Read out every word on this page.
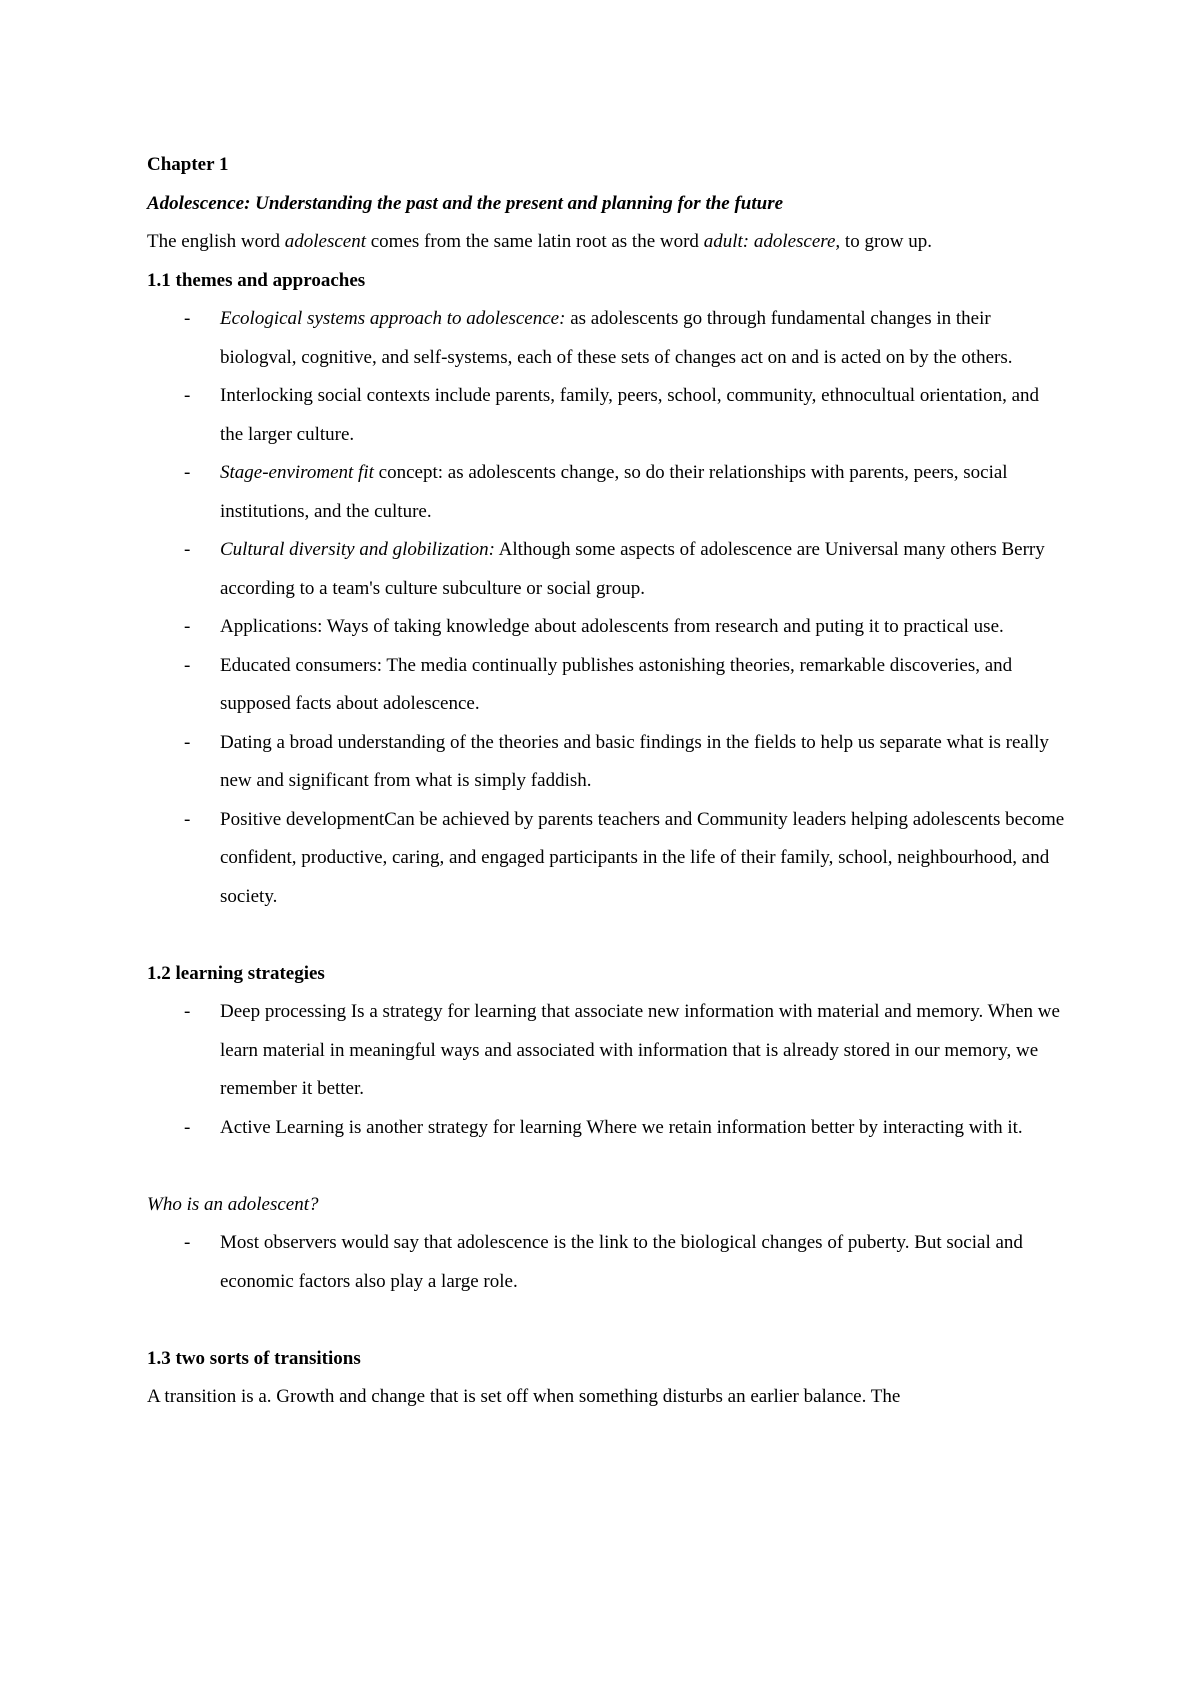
Chapter 1

Adolescence: Understanding the past and the present and planning for the future

The english word adolescent comes from the same latin root as the word adult: adolescere, to grow up.

1.1 themes and approaches

- Ecological systems approach to adolescence: as adolescents go through fundamental changes in their biologval, cognitive, and self-systems, each of these sets of changes act on and is acted on by the others.
- Interlocking social contexts include parents, family, peers, school, community, ethnocultual orientation, and the larger culture.
- Stage-enviroment fit concept: as adolescents change, so do their relationships with parents, peers, social institutions, and the culture.
- Cultural diversity and globilization: Although some aspects of adolescence are Universal many others Berry according to a team's culture subculture or social group.
- Applications: Ways of taking knowledge about adolescents from research and puting it to practical use.
- Educated consumers: The media continually publishes astonishing theories, remarkable discoveries, and supposed facts about adolescence.
- Dating a broad understanding of the theories and basic findings in the fields to help us separate what is really new and significant from what is simply faddish.
- Positive developmentCan be achieved by parents teachers and Community leaders helping adolescents become confident, productive, caring, and engaged participants in the life of their family, school, neighbourhood, and society.

1.2 learning strategies

- Deep processing Is a strategy for learning that associate new information with material and memory. When we learn material in meaningful ways and associated with information that is already stored in our memory, we remember it better.
- Active Learning is another strategy for learning Where we retain information better by interacting with it.

Who is an adolescent?

- Most observers would say that adolescence is the link to the biological changes of puberty. But social and economic factors also play a large role.

1.3 two sorts of transitions

A transition is a. Growth and change that is set off when something disturbs an earlier balance. The
